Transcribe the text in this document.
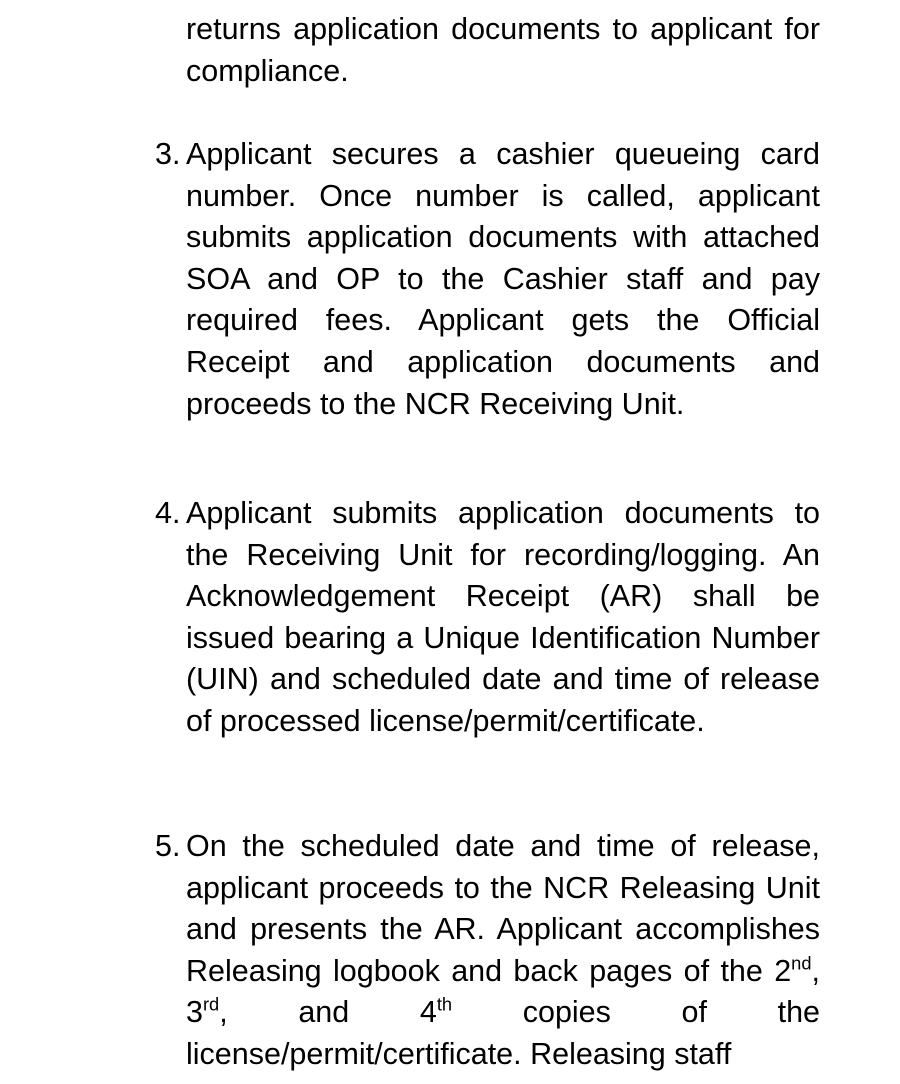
returns application documents to applicant for compliance.
3. Applicant secures a cashier queueing card number. Once number is called, applicant submits application documents with attached SOA and OP to the Cashier staff and pay required fees. Applicant gets the Official Receipt and application documents and proceeds to the NCR Receiving Unit.
4. Applicant submits application documents to the Receiving Unit for recording/logging. An Acknowledgement Receipt (AR) shall be issued bearing a Unique Identification Number (UIN) and scheduled date and time of release of processed license/permit/certificate.
5. On the scheduled date and time of release, applicant proceeds to the NCR Releasing Unit and presents the AR. Applicant accomplishes Releasing logbook and back pages of the 2nd, 3rd, and 4th copies of the license/permit/certificate. Releasing staff
